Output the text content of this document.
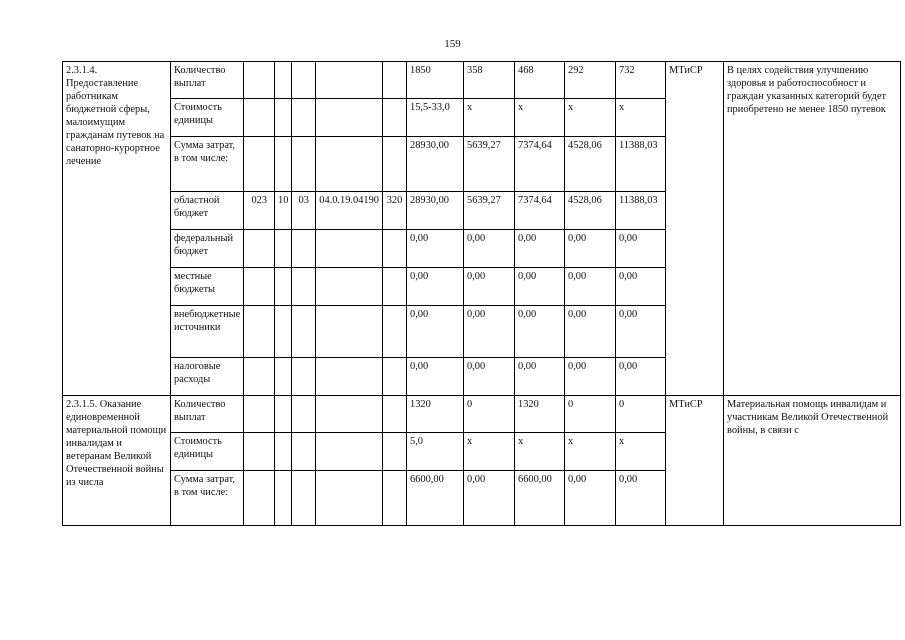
159
2.3.1.4. Предоставление работникам бюджетной сферы, малоимущим гражданам путевок на санаторно-курортное лечение	Количество выплат						1850	358	468	292	732	МТиСР	В целях содействия улучшению здоровья и работоспособност и граждан указанных категорий будет приобретено не менее 1850 путевок
	Стоимость единицы						15,5-33,0	х	х	х	х		
	Сумма затрат, в том числе:						28930,00	5639,27	7374,64	4528,06	11388,03		
	областной бюджет	023	10	03	04.0.19.04190	320	28930,00	5639,27	7374,64	4528,06	11388,03		
	федеральный бюджет						0,00	0,00	0,00	0,00	0,00		
	местные бюджеты						0,00	0,00	0,00	0,00	0,00		
	внебюджетные источники						0,00	0,00	0,00	0,00	0,00		
	налоговые расходы						0,00	0,00	0,00	0,00	0,00		
2.3.1.5. Оказание единовременной материальной помощи инвалидам и ветеранам Великой Отечественной войны из числа	Количество выплат						1320	0	1320	0	0	МТиСР	Материальная помощь инвалидам и участникам Великой Отечественной войны, в связи с
	Стоимость единицы						5,0	х	х	х	х		
	Сумма затрат, в том числе:						6600,00	0,00	6600,00	0,00	0,00		
